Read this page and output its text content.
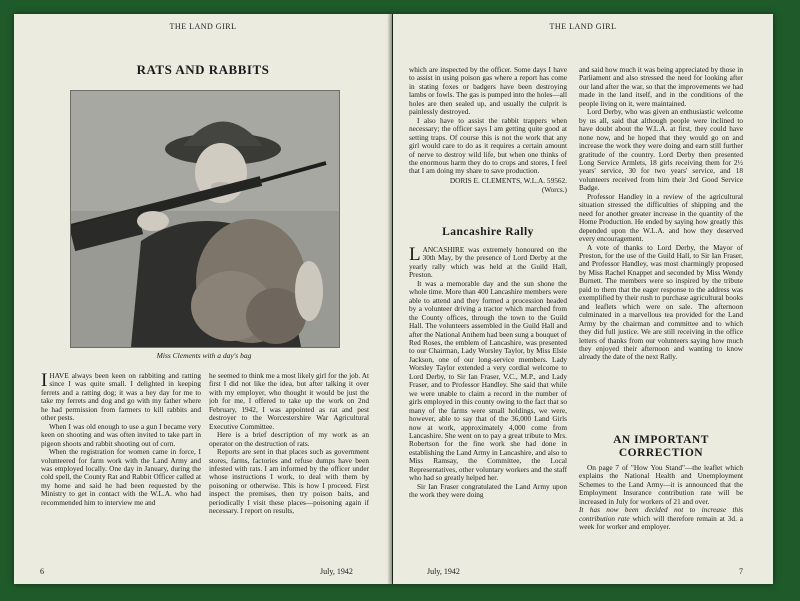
THE LAND GIRL
RATS AND RABBITS
Miss Clements with a day's bag

IHAVE always been keen on rabbiting and ratting since I was quite small. I delighted in keeping ferrets and a ratting dog; it was a hey day for me to take my ferrets and dog and go with my father where he had permission from farmers to kill rabbits and other pests.

When I was old enough to use a gun I became very keen on shooting and was often invited to take part in pigeon shoots and rabbit shooting out of corn.

When the registration for women came in force, I volunteered for farm work with the Land Army and was employed locally. One day in January, during the cold spell, the County Rat and Rabbit Officer called at my home and said he had been requested by the Ministry to get in contact with the W.L.A. who had recommended him to interview me and

he seemed to think me a most likely girl for the job. At first I did not like the idea, but after talking it over with my employer, who thought it would be just the job for me, I offered to take up the work on 2nd February, 1942, I was appointed as rat and pest destroyer to the Worcestershire War Agricultural Executive Committee.

Here is a brief description of my work as an operator on the destruction of rats.

Reports are sent in that places such as government stores, farms, factories and refuse dumps have been infested with rats. I am informed by the officer under whose instructions I work, to deal with them by poisoning or otherwise. This is how I proceed. First inspect the premises, then try poison baits, and periodically I visit these places—poisoning again if necessary. I report on results,

6	July, 1942
THE LAND GIRL

which are inspected by the officer. Some days I have to assist in using poison gas where a report has come in stating foxes or badgers have been destroying lambs or fowls. The gas is pumped into the holes—all holes are then sealed up, and usually the culprit is painlessly destroyed.

I also have to assist the rabbit trappers when necessary; the officer says I am getting quite good at setting traps. Of course this is not the work that any girl would care to do as it requires a certain amount of nerve to destroy wild life, but when one thinks of the enormous harm they do to crops and stores, I feel that I am doing my share to save production.

DORIS E. CLEMENTS, W.L.A. 59562.
(Worcs.)
Lancashire Rally

LANCASHIRE was extremely honoured on the 30th May, by the presence of Lord Derby at the yearly rally which was held at the Guild Hall, Preston.

It was a memorable day and the sun shone the whole time. More than 400 Lancashire members were able to attend and they formed a procession headed by a volunteer driving a tractor which marched from the County offices, through the town to the Guild Hall. The volunteers assembled in the Guild Hall and after the National Anthem had been sung a bouquet of Red Roses, the emblem of Lancashire, was presented to our Chairman, Lady Worsley Taylor, by Miss Elsie Jackson, one of our long-service members. Lady Worsley Taylor extended a very cordial welcome to Lord Derby, to Sir Ian Fraser, V.C., M.P., and Lady Fraser, and to Professor Handley. She said that while we were unable to claim a record in the number of girls employed in this county owing to the fact that so many of the farms were small holdings, we were, however, able to say that of the 36,000 Land Girls now at work, approximately 4,000 come from Lancashire. She went on to pay a great tribute to Mrs. Robertson for the fine work she had done in establishing the Land Army in Lancashire, and also to Miss Ramsay, the Committee, the Local Representatives, other voluntary workers and the staff who had so greatly helped her.

Sir Ian Fraser congratulated the Land Army upon the work they were doing

and said how much it was being appreciated by those in Parliament and also stressed the need for looking after our land after the war, so that the improvements we had made in the land itself, and in the conditions of the people living on it, were maintained.

Lord Derby, who was given an enthusiastic welcome by us all, said that although people were inclined to have doubt about the W.L.A. at first, they could have none now, and he hoped that they would go on and increase the work they were doing and earn still further gratitude of the country. Lord Derby then presented Long Service Armlets, 18 girls receiving them for 2½ years' service, 30 for two years' service, and 18 volunteers received from him their 3rd Good Service Badge.

Professor Handley in a review of the agricultural situation stressed the difficulties of shipping and the need for another greater increase in the quantity of the Home Production. He ended by saying how greatly this depended upon the W.L.A. and how they deserved every encouragement.

A vote of thanks to Lord Derby, the Mayor of Preston, for the use of the Guild Hall, to Sir Ian Fraser, and Professor Handley, was most charmingly proposed by Miss Rachel Knappet and seconded by Miss Wendy Burnett. The members were so inspired by the tribute paid to them that the eager response to the address was exemplified by their rush to purchase agricultural books and leaflets which were on sale. The afternoon culminated in a marvellous tea provided for the Land Army by the chairman and committee and to which they did full justice. We are still receiving in the office letters of thanks from our volunteers saying how much they enjoyed their afternoon and wanting to know already the date of the next Rally.

AN IMPORTANT
CORRECTION

On page 7 of "How You Stand"—the leaflet which explains the National Health and Unemployment Schemes to the Land Army—it is announced that the Employment Insurance contribution rate will be increased in July for workers of 21 and over.

It has now been decided not to increase this contribution rate which will therefore remain at 3d. a week for worker and employer.

July, 1942	7
